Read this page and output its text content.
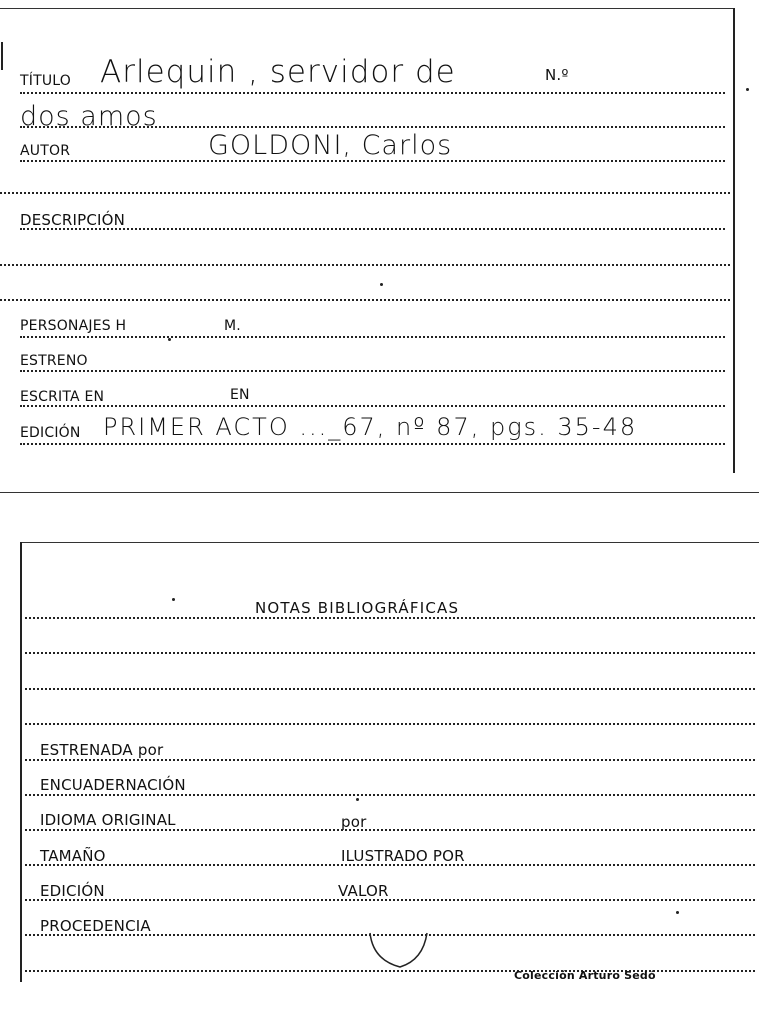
TÍTULO Arlequin , servidor de	N.º
dos amos
AUTOR	GOLDONI, Carlos
DESCRIPCIÓN
PERSONAJES H	M.
ESTRENO
ESCRITA EN	EN
EDICIÓN PRIMER ACTO ..._67, nº 87, pgs. 35-48
NOTAS BIBLIOGRÁFICAS
ESTRENADA por
ENCUADERNACIÓN
IDIOMA ORIGINAL	por
TAMAÑO	ILUSTRADO POR
EDICIÓN	VALOR
PROCEDENCIA
Colección Arturo Sedó
